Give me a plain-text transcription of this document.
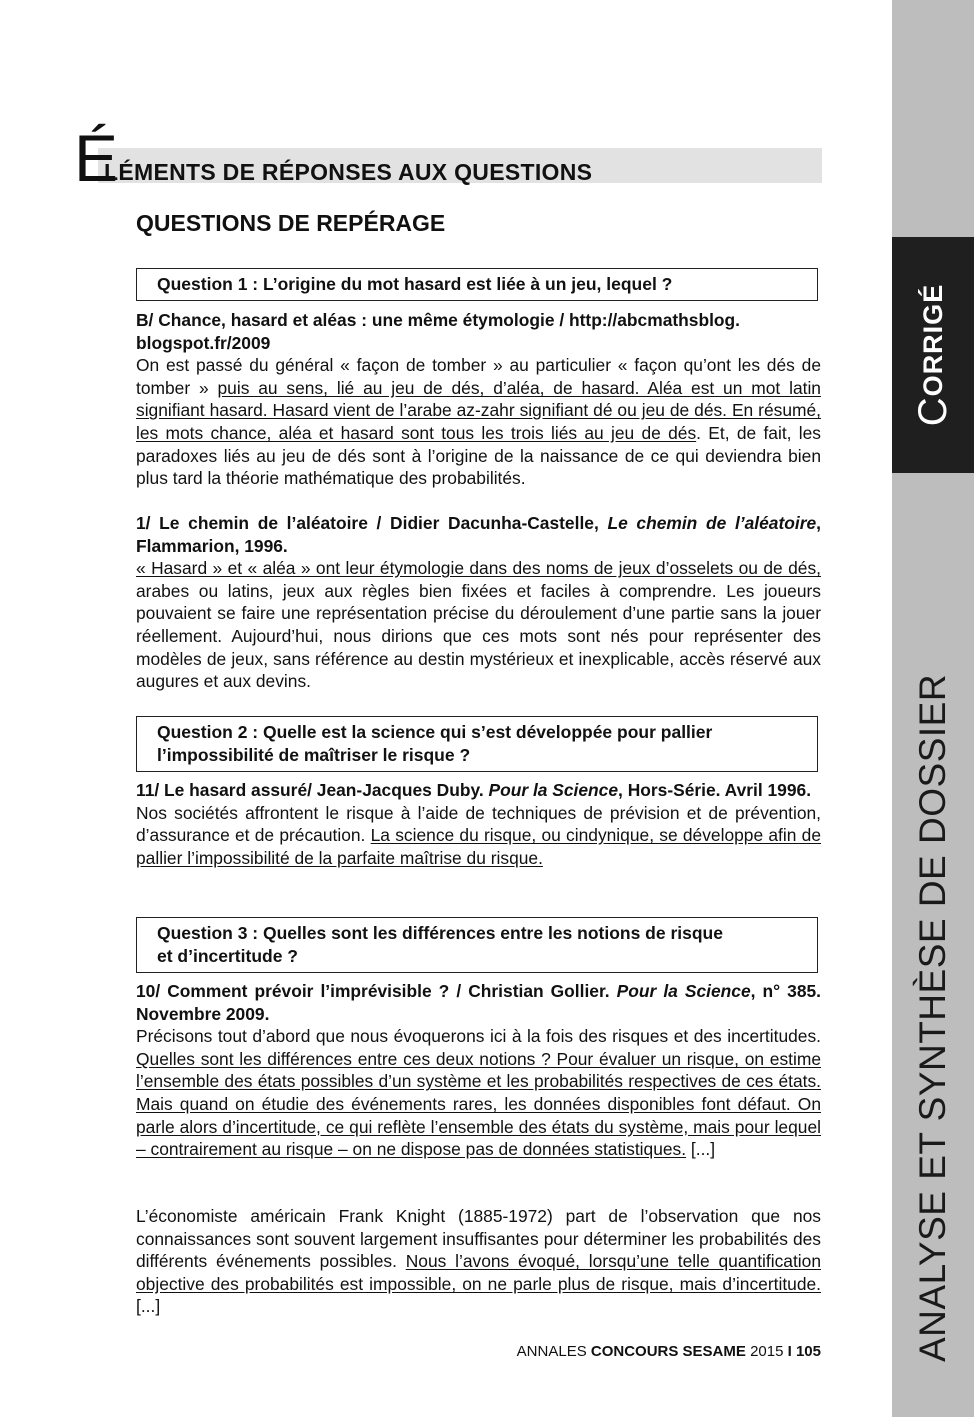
C
ORRIGÉ
ANALYSE ET SYNTHÈSE DE DOSSIER
É
LÉMENTS DE RÉPONSES AUX QUESTIONS
QUESTIONS DE REPÉRAGE
Question 1 : L’origine du mot hasard est liée à un jeu, lequel ?

B/ Chance, hasard et aléas : une même étymologie / http://abcmathsblog.
blogspot.fr/2009

On est passé du général « façon de tomber » au particulier « façon qu’ont les dés de tomber » puis au sens, lié au jeu de dés, d’aléa, de hasard. Aléa est un mot latin signifiant hasard. Hasard vient de l’arabe az-zahr signifiant dé ou jeu de dés. En résumé, les mots chance, aléa et hasard sont tous les trois liés au jeu de dés. Et, de fait, les paradoxes liés au jeu de dés sont à l’origine de la naissance de ce qui deviendra bien plus tard la théorie mathématique des probabilités.

1/ Le chemin de l’aléatoire / Didier Dacunha-Castelle, Le chemin de l’aléatoire, Flammarion, 1996.

« Hasard » et « aléa » ont leur étymologie dans des noms de jeux d’osselets ou de dés, arabes ou latins, jeux aux règles bien fixées et faciles à comprendre. Les joueurs pouvaient se faire une représentation précise du déroulement d’une partie sans la jouer réellement. Aujourd’hui, nous dirions que ces mots sont nés pour représenter des modèles de jeux, sans référence au destin mystérieux et inexplicable, accès réservé aux augures et aux devins.

Question 2 : Quelle est la science qui s’est développée pour pallier
l’impossibilité de maîtriser le risque ?

11/ Le hasard assuré/ Jean-Jacques Duby. Pour la Science, Hors-Série. Avril 1996.

Nos sociétés affrontent le risque à l’aide de techniques de prévision et de prévention, d’assurance et de précaution. La science du risque, ou cindynique, se développe afin de pallier l’impossibilité de la parfaite maîtrise du risque.

Question 3 : Quelles sont les différences entre les notions de risque
et d’incertitude ?

10/ Comment prévoir l’imprévisible ? / Christian Gollier. Pour la Science, n° 385. Novembre 2009.

Précisons tout d’abord que nous évoquerons ici à la fois des risques et des incertitudes. Quelles sont les différences entre ces deux notions ? Pour évaluer un risque, on estime l’ensemble des états possibles d’un système et les probabilités respectives de ces états. Mais quand on étudie des événements rares, les données disponibles font défaut. On parle alors d’incertitude, ce qui reflète l’ensemble des états du système, mais pour lequel – contrairement au risque – on ne dispose pas de données statistiques. [...]

L’économiste américain Frank Knight (1885-1972) part de l’observation que nos connaissances sont souvent largement insuffisantes pour déterminer les probabilités des différents événements possibles. Nous l’avons évoqué, lorsqu’une telle quantification objective des probabilités est impossible, on ne parle plus de risque, mais d’incertitude. [...]

ANNALES CONCOURS SESAME 2015 I 105
